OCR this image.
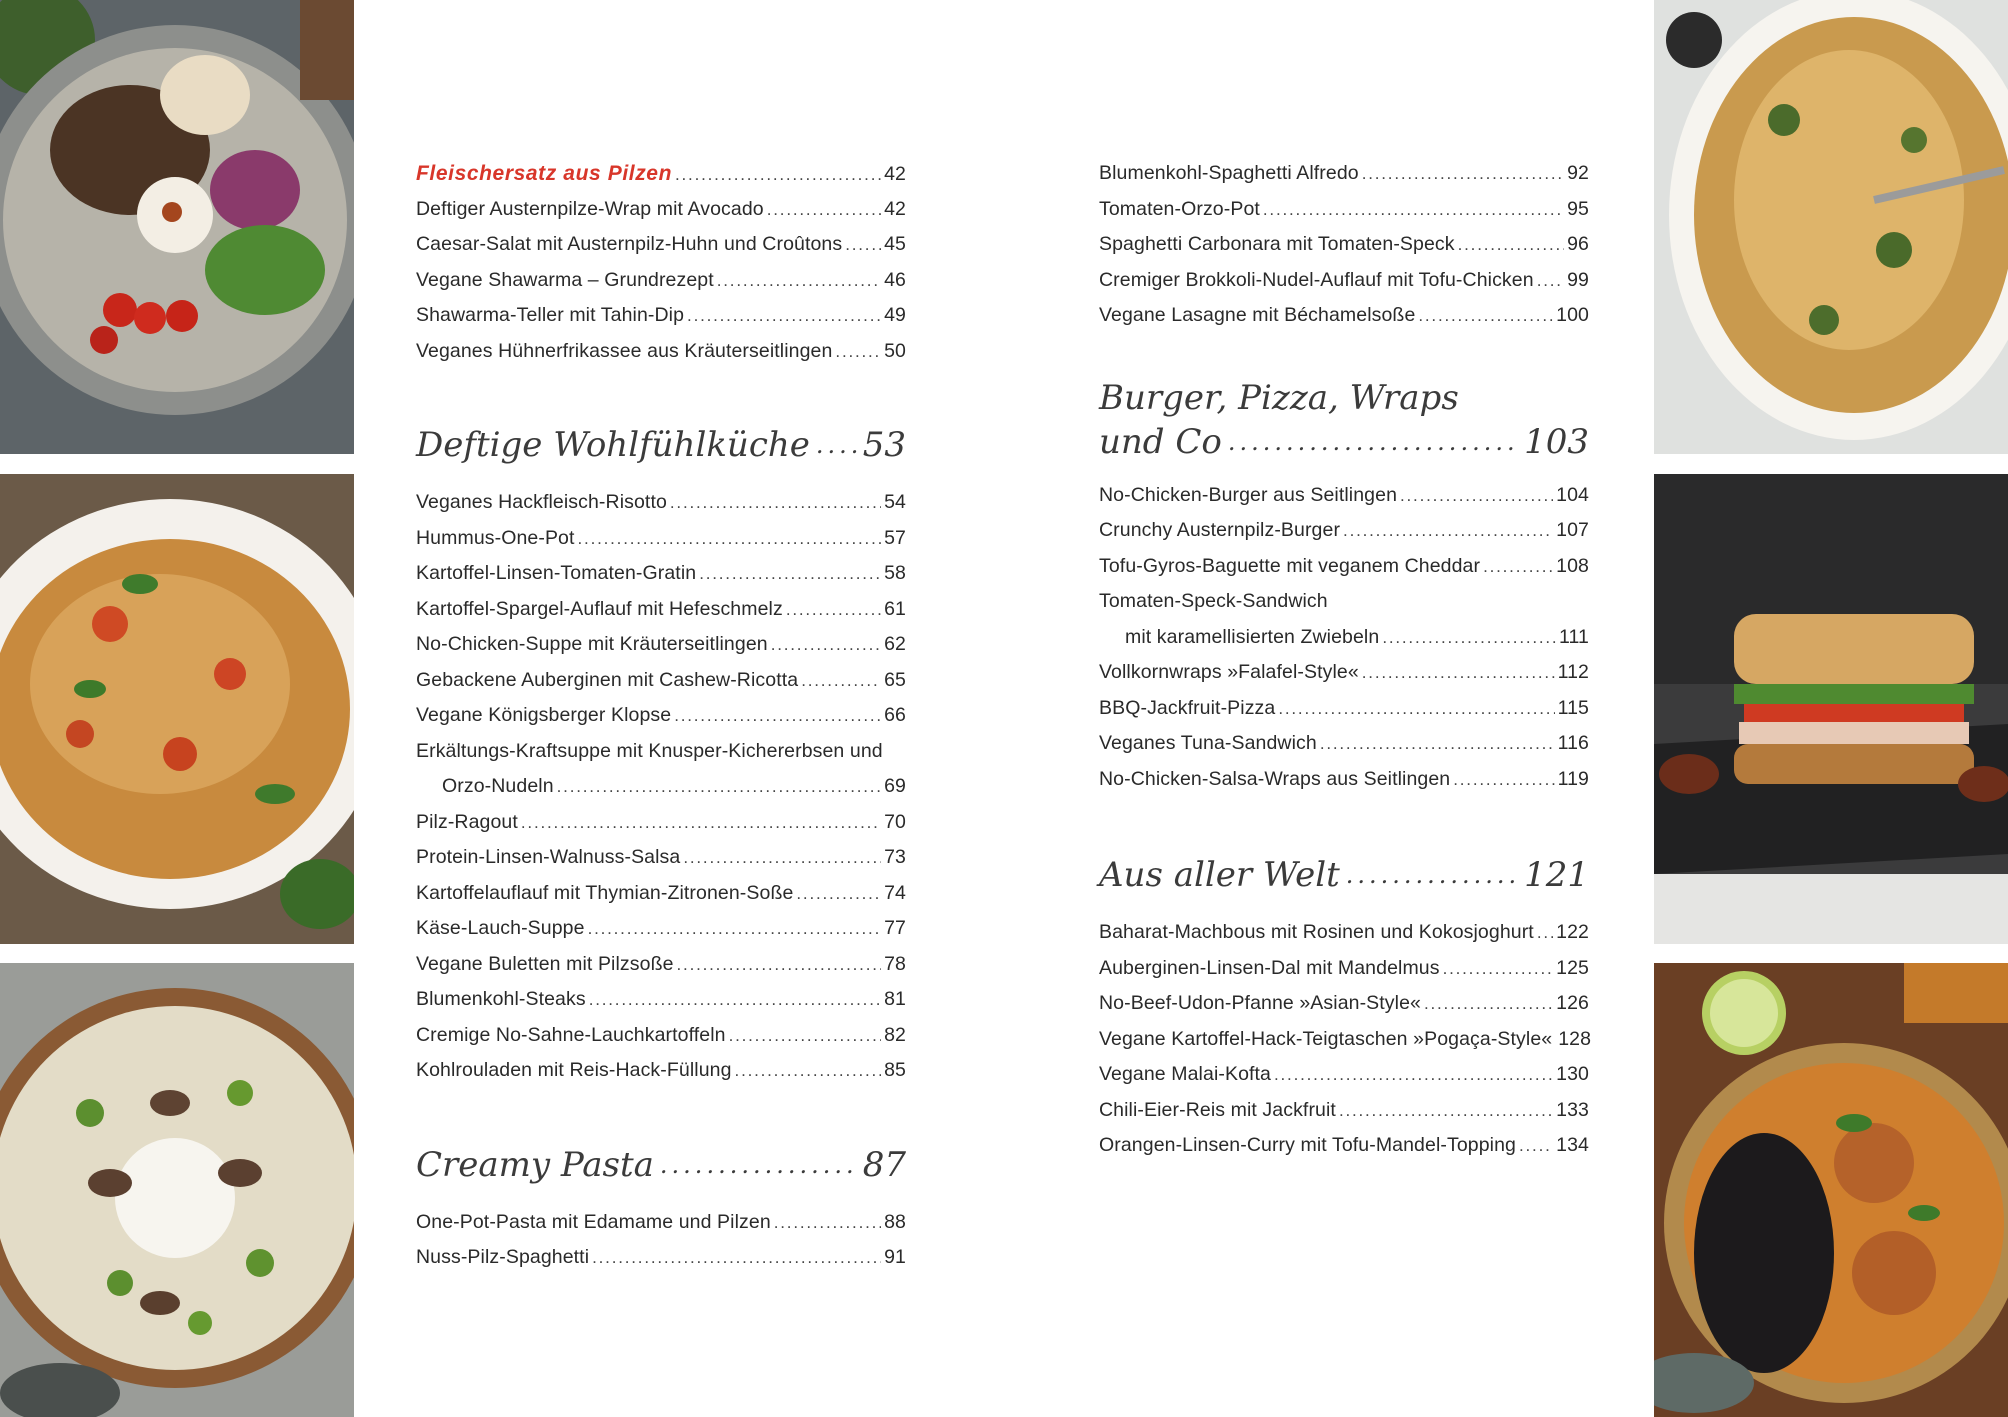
Fleischersatz aus Pilzen .....	42
Deftiger Austernpilze-Wrap mit Avocado .....	42
Caesar-Salat mit Austernpilz-Huhn und Croûtons ..... 45
Vegane Shawarma – Grundrezept .....	46
Shawarma-Teller mit Tahin-Dip .....	49
Veganes Hühnerfrikassee aus Kräuterseitlingen .....	50
Deftige Wohlfühlküche ..... 53
Veganes Hackfleisch-Risotto .....	54
Hummus-One-Pot .....	57
Kartoffel-Linsen-Tomaten-Gratin .....	58
Kartoffel-Spargel-Auflauf mit Hefeschmelz .....	61
No-Chicken-Suppe mit Kräuterseitlingen .....	62
Gebackene Auberginen mit Cashew-Ricotta .....	65
Vegane Königsberger Klopse .....	66
Erkältungs-Kraftsuppe mit Knusper-Kichererbsen und
Orzo-Nudeln .....	69
Pilz-Ragout .....	70
Protein-Linsen-Walnuss-Salsa .....	73
Kartoffelauflauf mit Thymian-Zitronen-Soße .....	74
Käse-Lauch-Suppe .....	77
Vegane Buletten mit Pilzsoße .....	78
Blumenkohl-Steaks .....	81
Cremige No-Sahne-Lauchkartoffeln .....	82
Kohlrouladen mit Reis-Hack-Füllung .....	85
Creamy Pasta .....	87
One-Pot-Pasta mit Edamame und Pilzen .....	88
Nuss-Pilz-Spaghetti .....	91
Blumenkohl-Spaghetti Alfredo .....	92
Tomaten-Orzo-Pot .....	95
Spaghetti Carbonara mit Tomaten-Speck .....	96
Cremiger Brokkoli-Nudel-Auflauf mit Tofu-Chicken ..... 99
Vegane Lasagne mit Béchamelsoße .....	100
Burger, Pizza, Wraps
und Co .....	103
No-Chicken-Burger aus Seitlingen .....	104
Crunchy Austernpilz-Burger .....	107
Tofu-Gyros-Baguette mit veganem Cheddar .....	108
Tomaten-Speck-Sandwich
mit karamellisierten Zwiebeln .....	111
Vollkornwraps »Falafel-Style« .....	112
BBQ-Jackfruit-Pizza .....	115
Veganes Tuna-Sandwich .....	116
No-Chicken-Salsa-Wraps aus Seitlingen .....	119
Aus aller Welt .....	121
Baharat-Machbous mit Rosinen und Kokosjoghurt ..... 122
Auberginen-Linsen-Dal mit Mandelmus .....	125
No-Beef-Udon-Pfanne »Asian-Style« .....	126
Vegane Kartoffel-Hack-Teigtaschen »Pogaça-Style« 128
Vegane Malai-Kofta .....	130
Chili-Eier-Reis mit Jackfruit .....	133
Orangen-Linsen-Curry mit Tofu-Mandel-Topping ..... 134
